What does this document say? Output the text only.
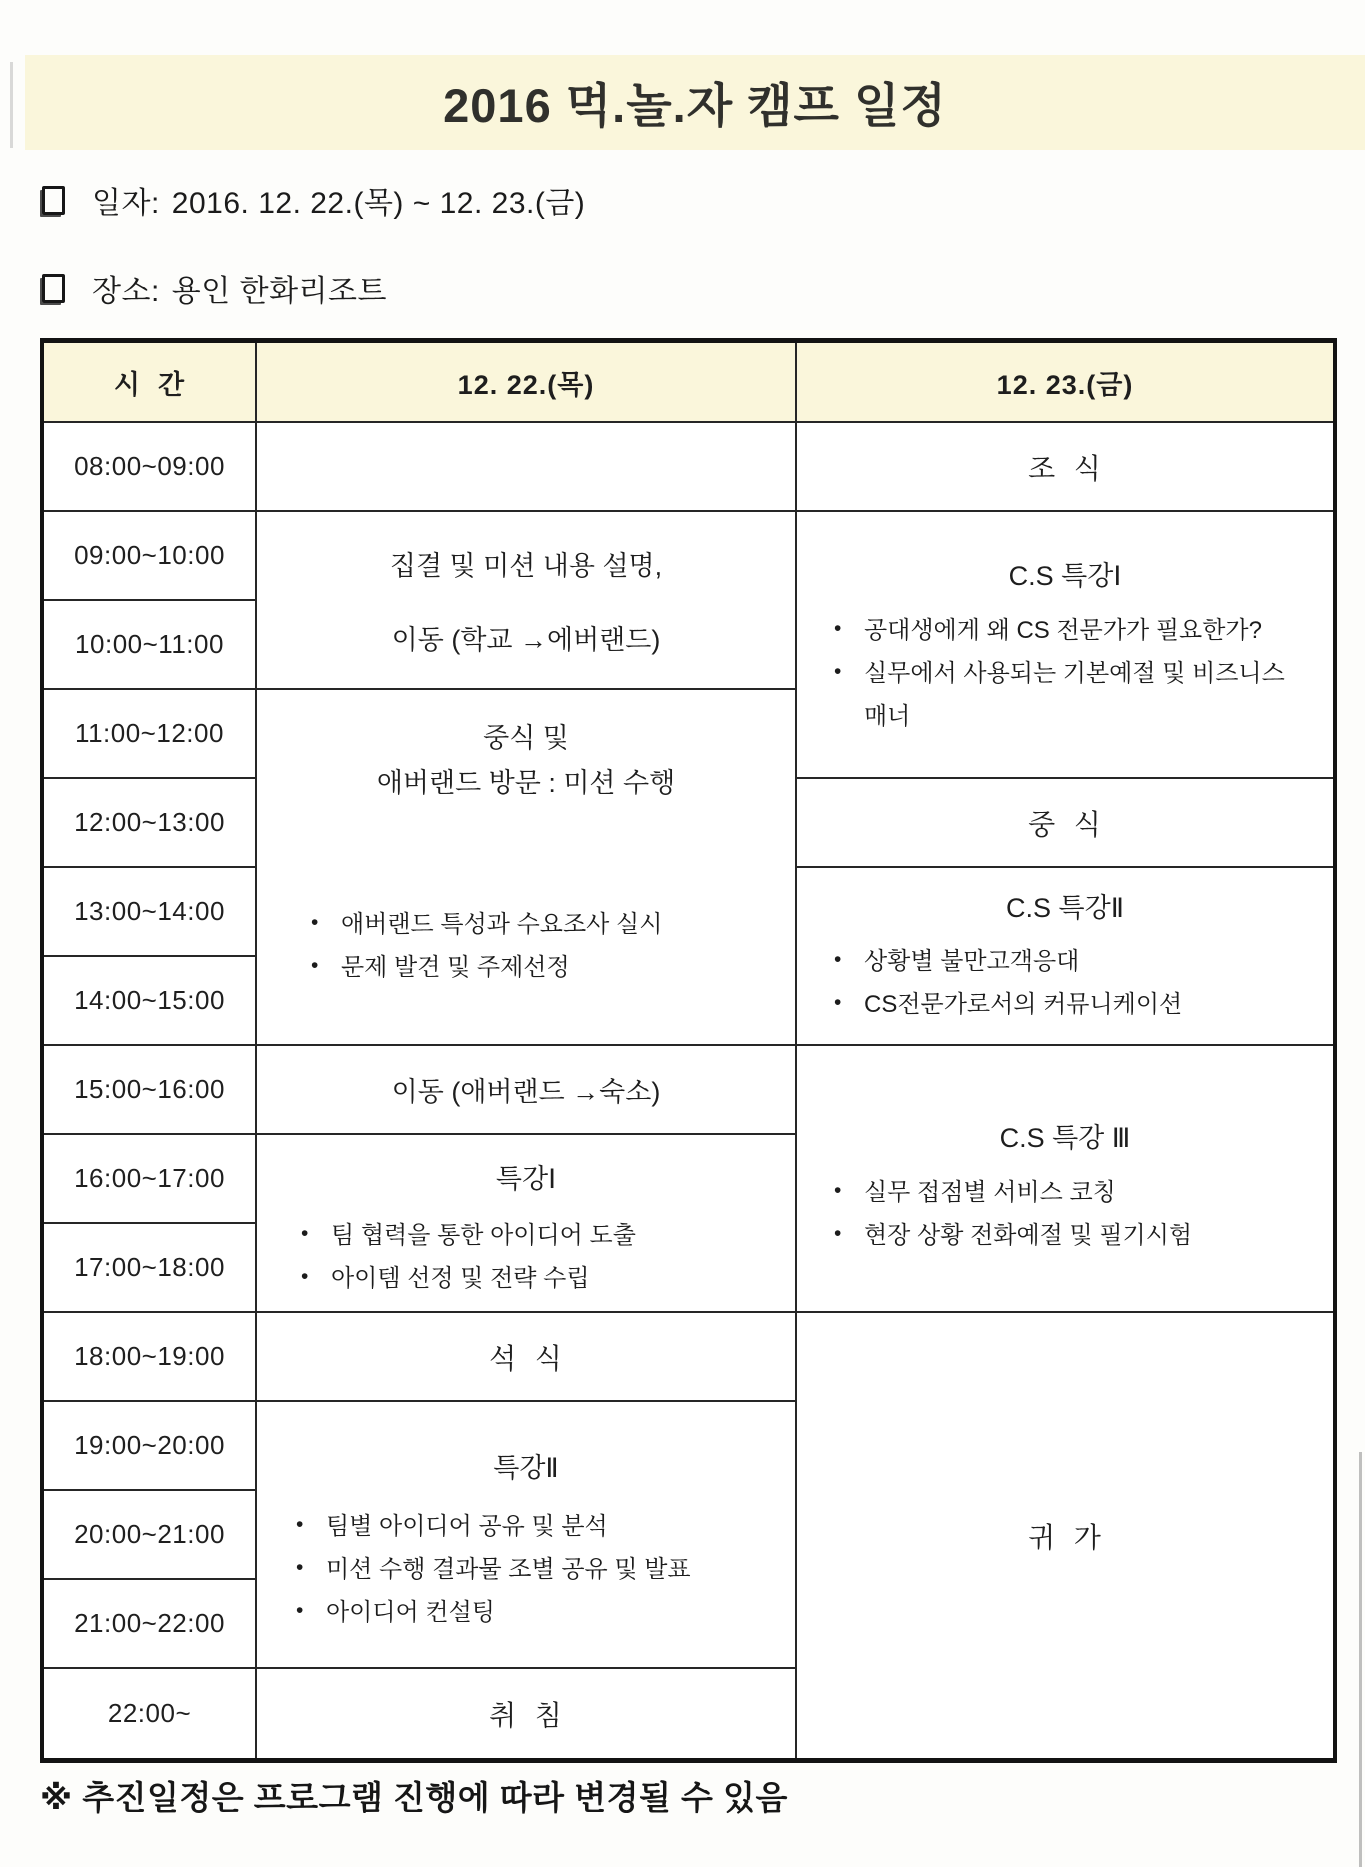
2016 먹.놀.자 캠프 일정
일자: 2016. 12. 22.(목) ~ 12. 23.(금)
장소: 용인 한화리조트
시  간	12. 22.(목)	12. 23.(금)
08:00~09:00
09:00~10:00
10:00~11:00
11:00~12:00
12:00~13:00
13:00~14:00
14:00~15:00
15:00~16:00
16:00~17:00
17:00~18:00
18:00~19:00
19:00~20:00
20:00~21:00
21:00~22:00
22:00~
집결 및 미션 내용 설명,
이동 (학교 →에버랜드)
중식 및
애버랜드 방문 : 미션 수행
• 애버랜드 특성과 수요조사 실시
• 문제 발견 및 주제선정
이동 (애버랜드 →숙소)
특강Ⅰ
• 팀 협력을 통한 아이디어 도출
• 아이템 선정 및 전략 수립
석  식
특강Ⅱ
• 팀별 아이디어 공유 및 분석
• 미션 수행 결과물 조별 공유 및 발표
• 아이디어 컨설팅
취  침
조  식
C.S 특강Ⅰ
• 공대생에게 왜 CS 전문가가 필요한가?
• 실무에서 사용되는 기본예절 및 비즈니스매너
중  식
C.S 특강Ⅱ
• 상황별 불만고객응대
• CS전문가로서의 커뮤니케이션
C.S 특강 Ⅲ
• 실무 접점별 서비스 코칭
• 현장 상황 전화예절 및 필기시험
귀  가
※ 추진일정은 프로그램 진행에 따라 변경될 수 있음
